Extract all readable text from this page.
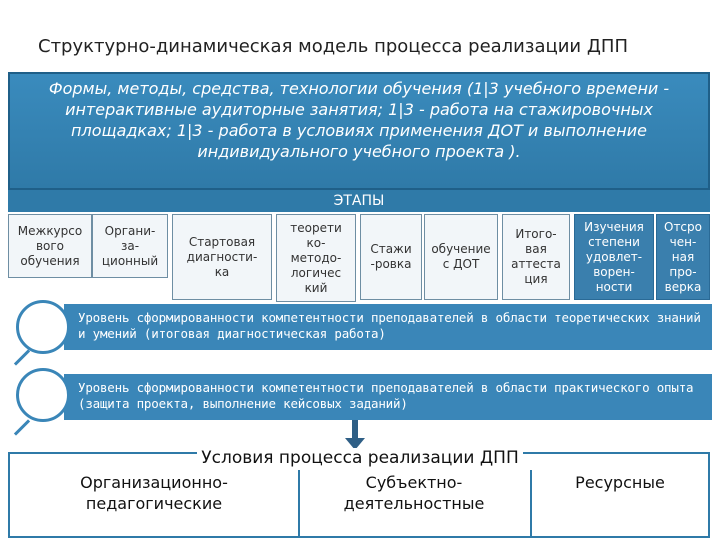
Структурно-динамическая модель процесса реализации ДПП
Формы, методы, средства, технологии обучения (1|3 учебного времени - интерактивные аудиторные занятия; 1|3 - работа на стажировочных площадках; 1|3 - работа в условиях применения ДОТ и выполнение индивидуального учебного проекта ).
ЭТАПЫ
Межкурсо
вого
обучения
Органи-
за-
ционный
Стартовая
диагности-
ка
теорети
ко-
методо-
логичес
кий
Стажи
-ровка
обучение
с ДОТ
Итого-
вая
аттеста
ция
Изучения
степени
удовлет-
ворен-
ности
Отсро
чен-
ная
про-
верка
Уровень сформированности компетентности преподавателей в области теоретических знаний и умений (итоговая диагностическая работа)
Уровень сформированности компетентности преподавателей в области практического опыта (защита проекта, выполнение кейсовых заданий)
Условия процесса реализации ДПП
Организационно-
педагогические
Субъектно-
деятельностные
Ресурсные
